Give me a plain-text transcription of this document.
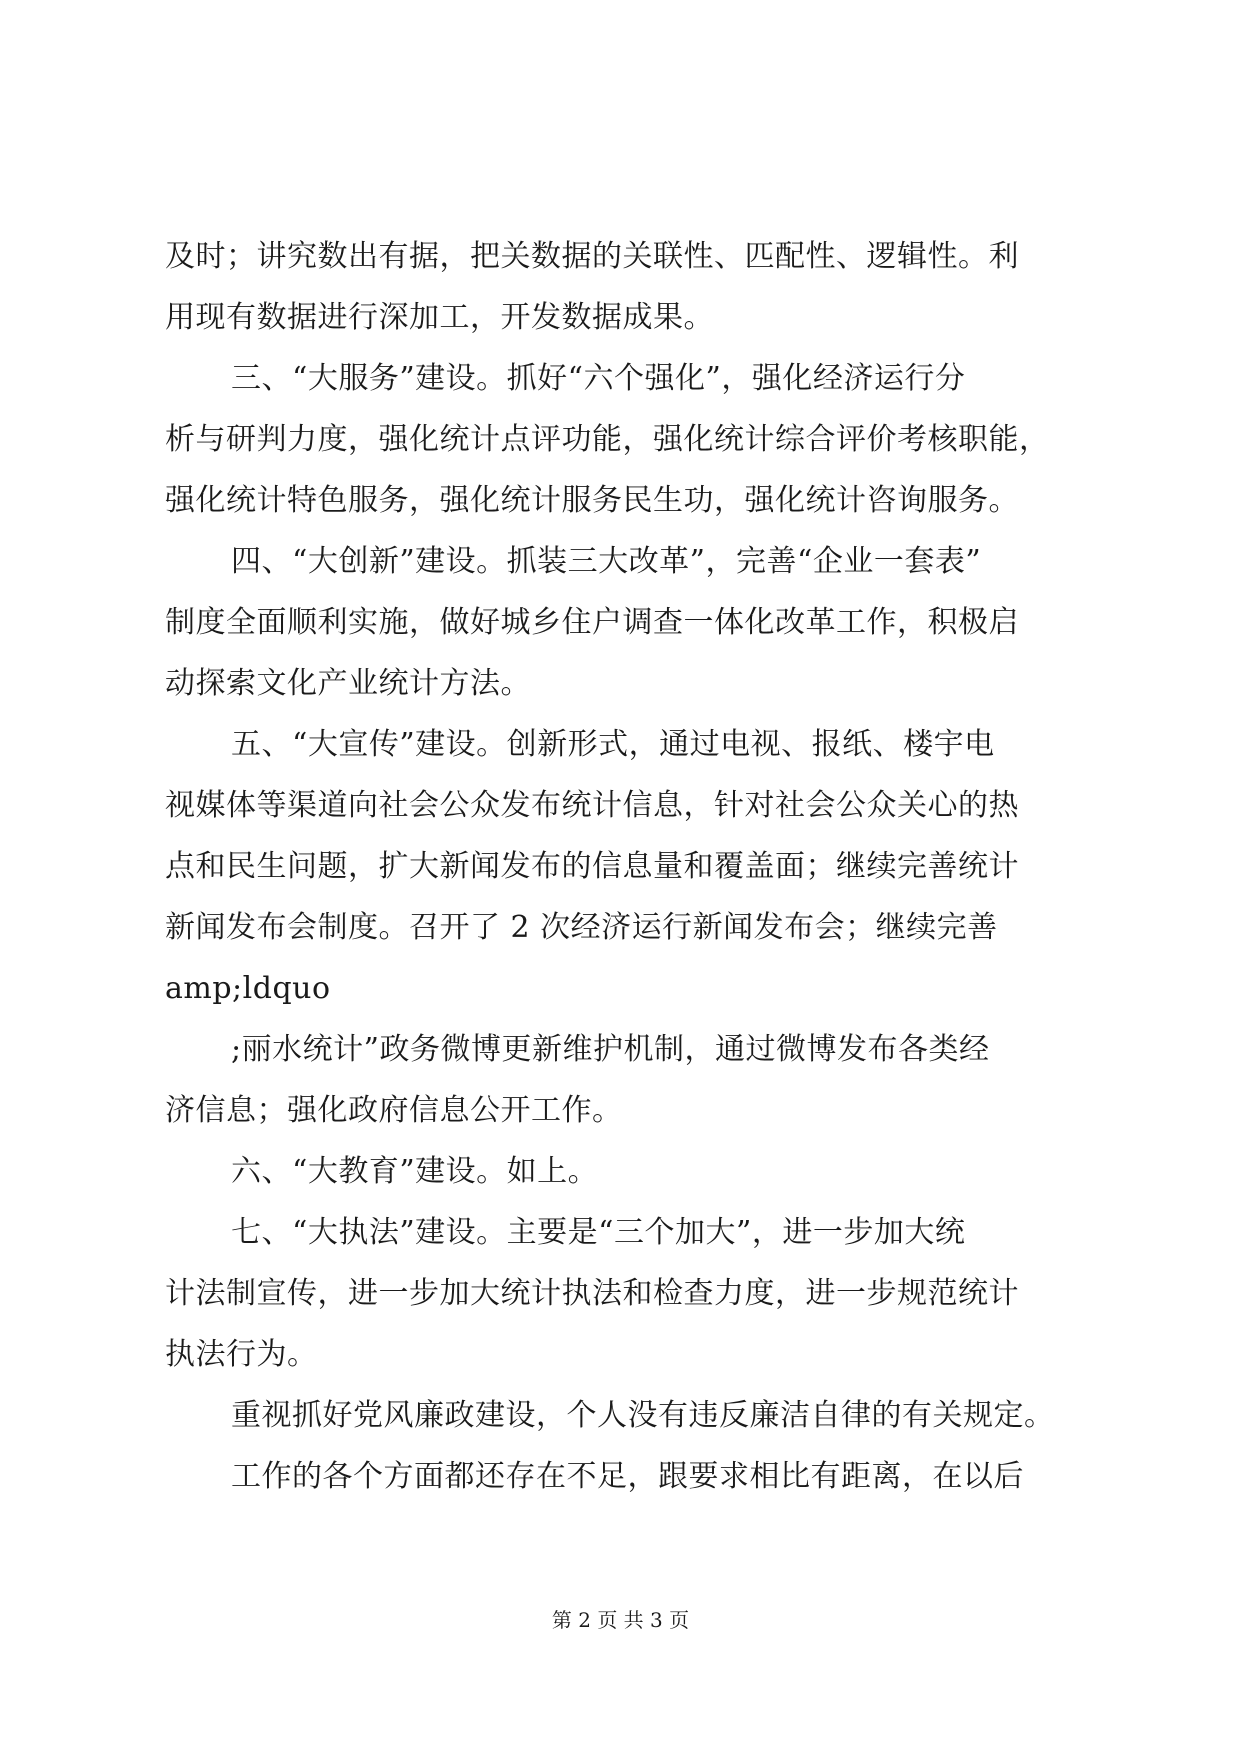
及时；讲究数出有据，把关数据的关联性、匹配性、逻辑性。利
用现有数据进行深加工，开发数据成果。
三、“大服务”建设。抓好“六个强化”，强化经济运行分
析与研判力度，强化统计点评功能，强化统计综合评价考核职能，
强化统计特色服务，强化统计服务民生功，强化统计咨询服务。
四、“大创新”建设。抓装三大改革”，完善“企业一套表”
制度全面顺利实施，做好城乡住户调查一体化改革工作，积极启
动探索文化产业统计方法。
五、“大宣传”建设。创新形式，通过电视、报纸、楼宇电
视媒体等渠道向社会公众发布统计信息，针对社会公众关心的热
点和民生问题，扩大新闻发布的信息量和覆盖面；继续完善统计
新闻发布会制度。召开了 2 次经济运行新闻发布会；继续完善
amp;ldquo
;丽水统计”政务微博更新维护机制，通过微博发布各类经
济信息；强化政府信息公开工作。
六、“大教育”建设。如上。
七、“大执法”建设。主要是“三个加大”，进一步加大统
计法制宣传，进一步加大统计执法和检查力度，进一步规范统计
执法行为。
重视抓好党风廉政建设，个人没有违反廉洁自律的有关规定。
工作的各个方面都还存在不足，跟要求相比有距离，在以后
第 2 页 共 3 页
